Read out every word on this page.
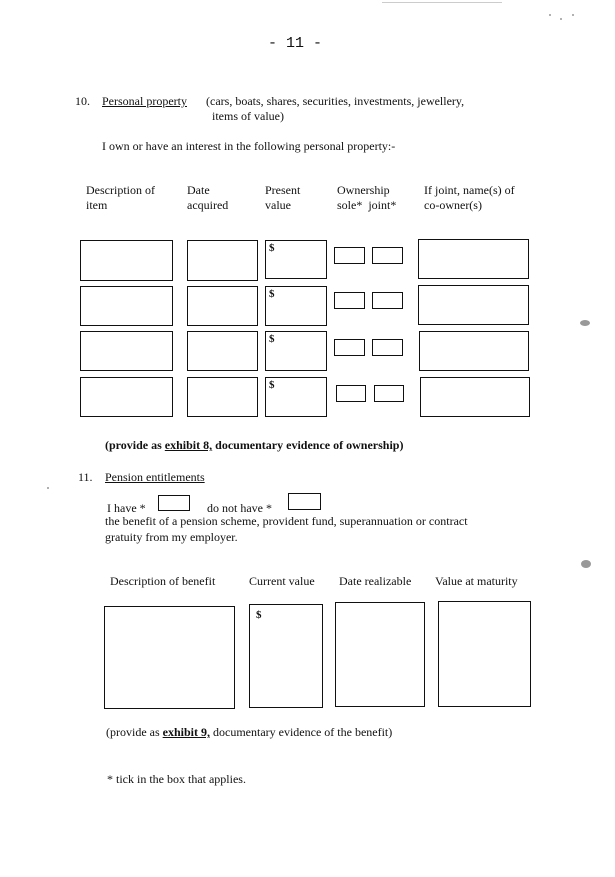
- 11 -
10. Personal property (cars, boats, shares, securities, investments, jewellery,
items of value)
I own or have an interest in the following personal property:-
Description of
item
Date
acquired
Present
value
Ownership
sole*  joint*
If joint, name(s) of
co-owner(s)
$
$
$
$
(provide as exhibit 8, documentary evidence of ownership)
11. Pension entitlements
I have *	do not have *
the benefit of a pension scheme, provident fund, superannuation or contract
gratuity from my employer.
Description of benefit	Current value Date realizable Value at maturity
$
(provide as exhibit 9, documentary evidence of the benefit)
* tick in the box that applies.
